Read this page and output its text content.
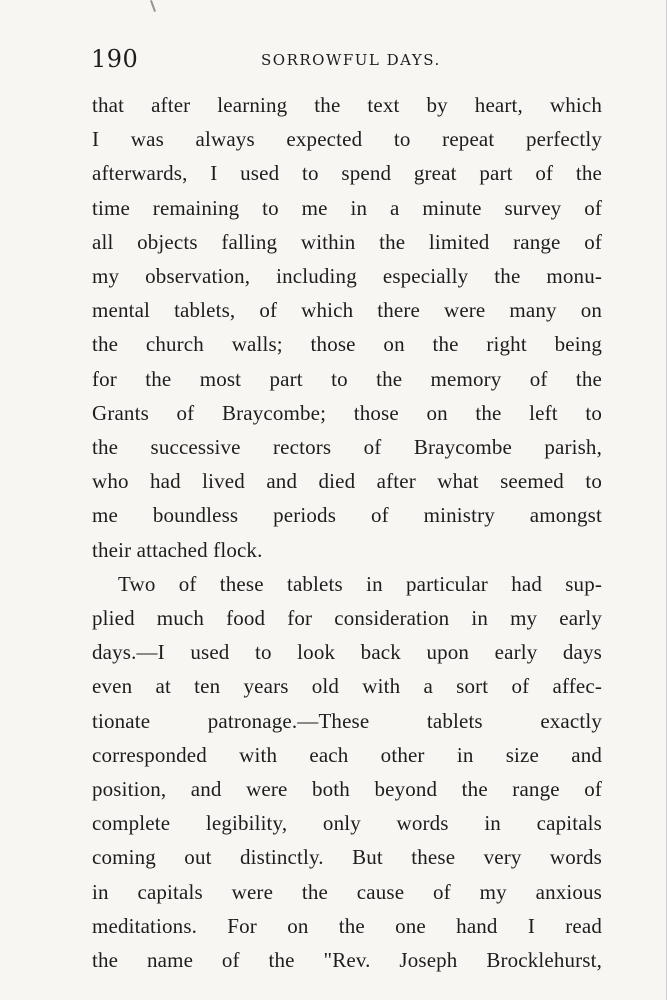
190	SORROWFUL DAYS.
that after learning the text by heart, which
I was always expected to repeat perfectly
afterwards, I used to spend great part of the
time remaining to me in a minute survey of
all objects falling within the limited range of
my observation, including especially the monu-
mental tablets, of which there were many on
the church walls; those on the right being
for the most part to the memory of the
Grants of Braycombe; those on the left to
the successive rectors of Braycombe parish,
who had lived and died after what seemed to
me boundless periods of ministry amongst
their attached flock.
Two of these tablets in particular had sup-
plied much food for consideration in my early
days.—I used to look back upon early days
even at ten years old with a sort of affec-
tionate patronage.—These tablets exactly
corresponded with each other in size and
position, and were both beyond the range of
complete legibility, only words in capitals
coming out distinctly. But these very words
in capitals were the cause of my anxious
meditations. For on the one hand I read
the name of the "Rev. Joseph Brocklehurst,
